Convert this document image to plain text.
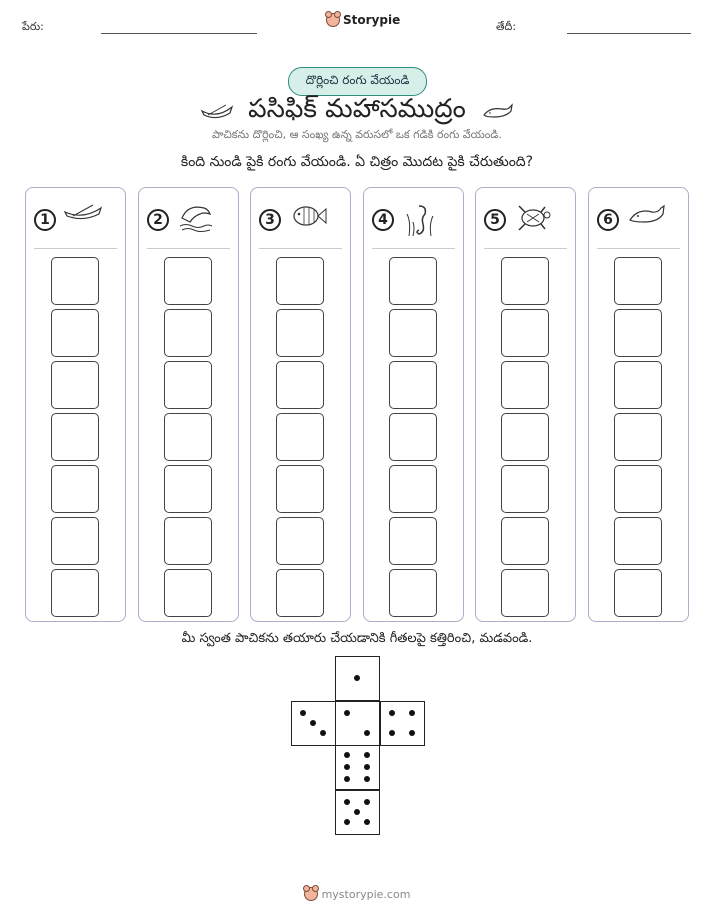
పేరు:	Storypie	తేదీ:
దొర్లించి రంగు వేయండి
పసిఫిక్ మహాసముద్రం
పాచికను దొర్లించి, ఆ సంఖ్య ఉన్న వరుసలో ఒక గడికి రంగు వేయండి.
కింది నుండి పైకి రంగు వేయండి. ఏ చిత్రం మొదట పైకి చేరుతుంది?
1	2	3	4	5	6
మీ స్వంత పాచికను తయారు చేయడానికి గీతలపై కత్తిరించి, మడవండి.
mystorypie.com
